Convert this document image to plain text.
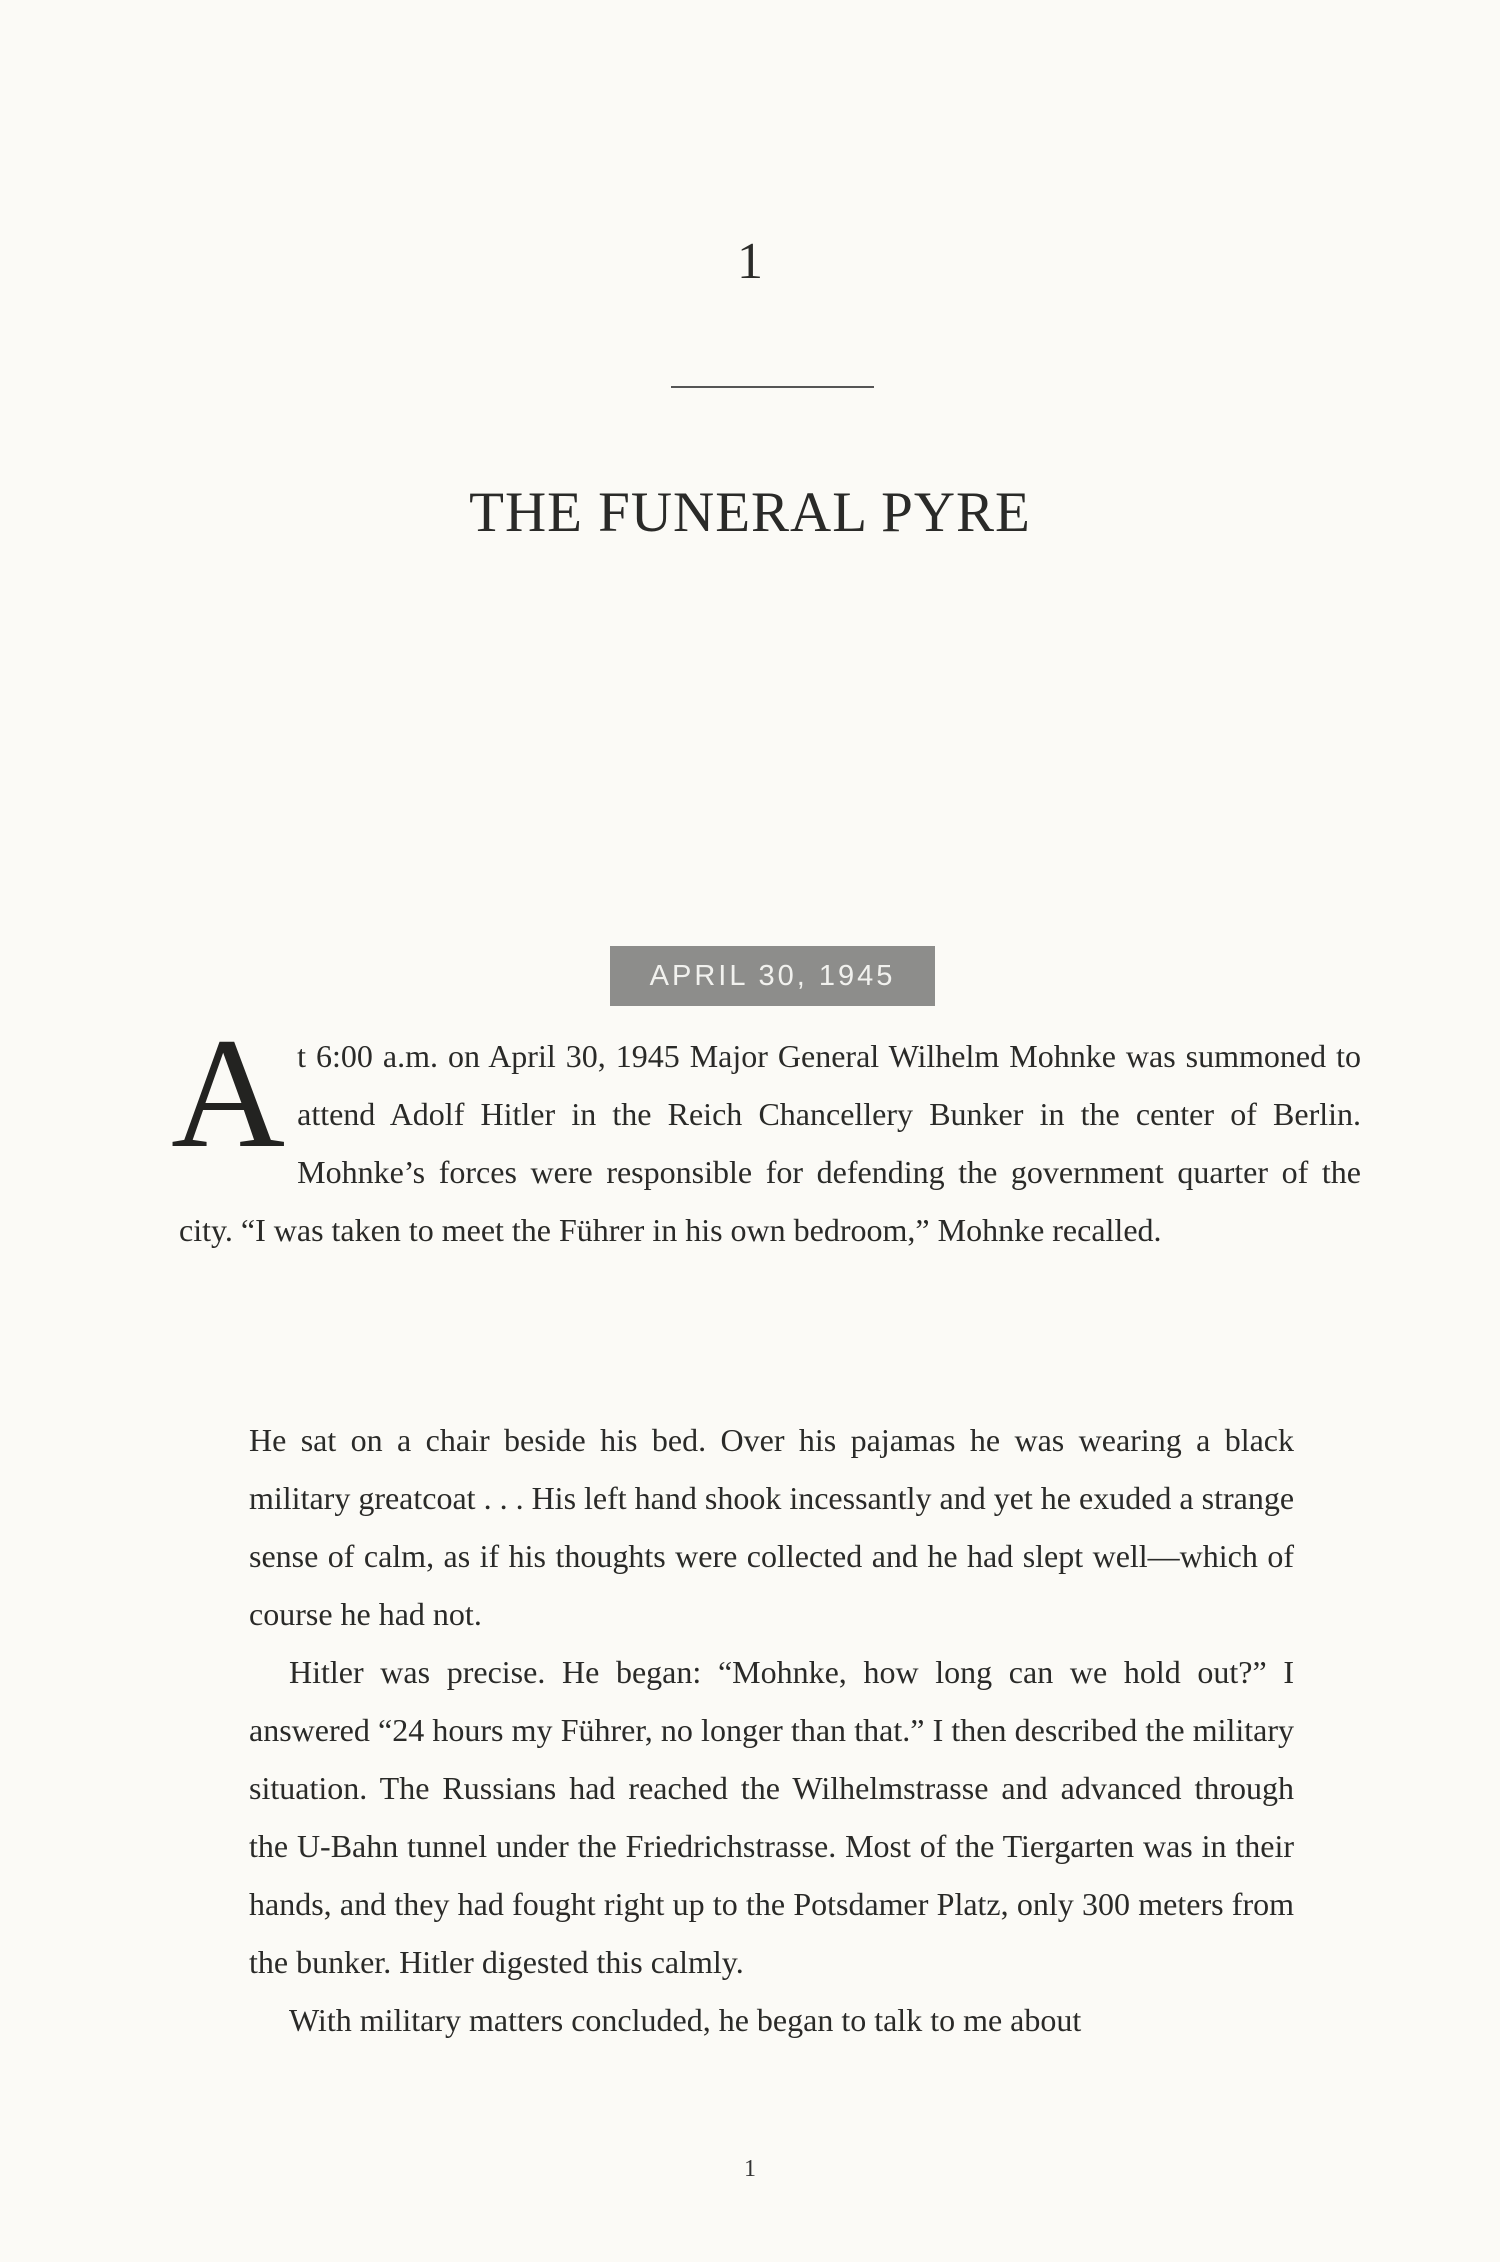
1
THE FUNERAL PYRE
APRIL 30, 1945
A t 6:00 a.m. on April 30, 1945 Major General Wilhelm Mohnke was summoned to attend Adolf Hitler in the Reich Chancellery Bunker in the center of Berlin. Mohnke’s forces were responsible for defending the government quarter of the city. “I was taken to meet the Führer in his own bedroom,” Mohnke recalled.

He sat on a chair beside his bed. Over his pajamas he was wearing a black military greatcoat . . . His left hand shook incessantly and yet he exuded a strange sense of calm, as if his thoughts were collected and he had slept well—which of course he had not.

Hitler was precise. He began: “Mohnke, how long can we hold out?” I answered “24 hours my Führer, no longer than that.” I then described the military situation. The Russians had reached the Wilhelmstrasse and advanced through the U-Bahn tunnel under the Friedrichstrasse. Most of the Tiergarten was in their hands, and they had fought right up to the Potsdamer Platz, only 300 meters from the bunker. Hitler digested this calmly.

With military matters concluded, he began to talk to me about

1
